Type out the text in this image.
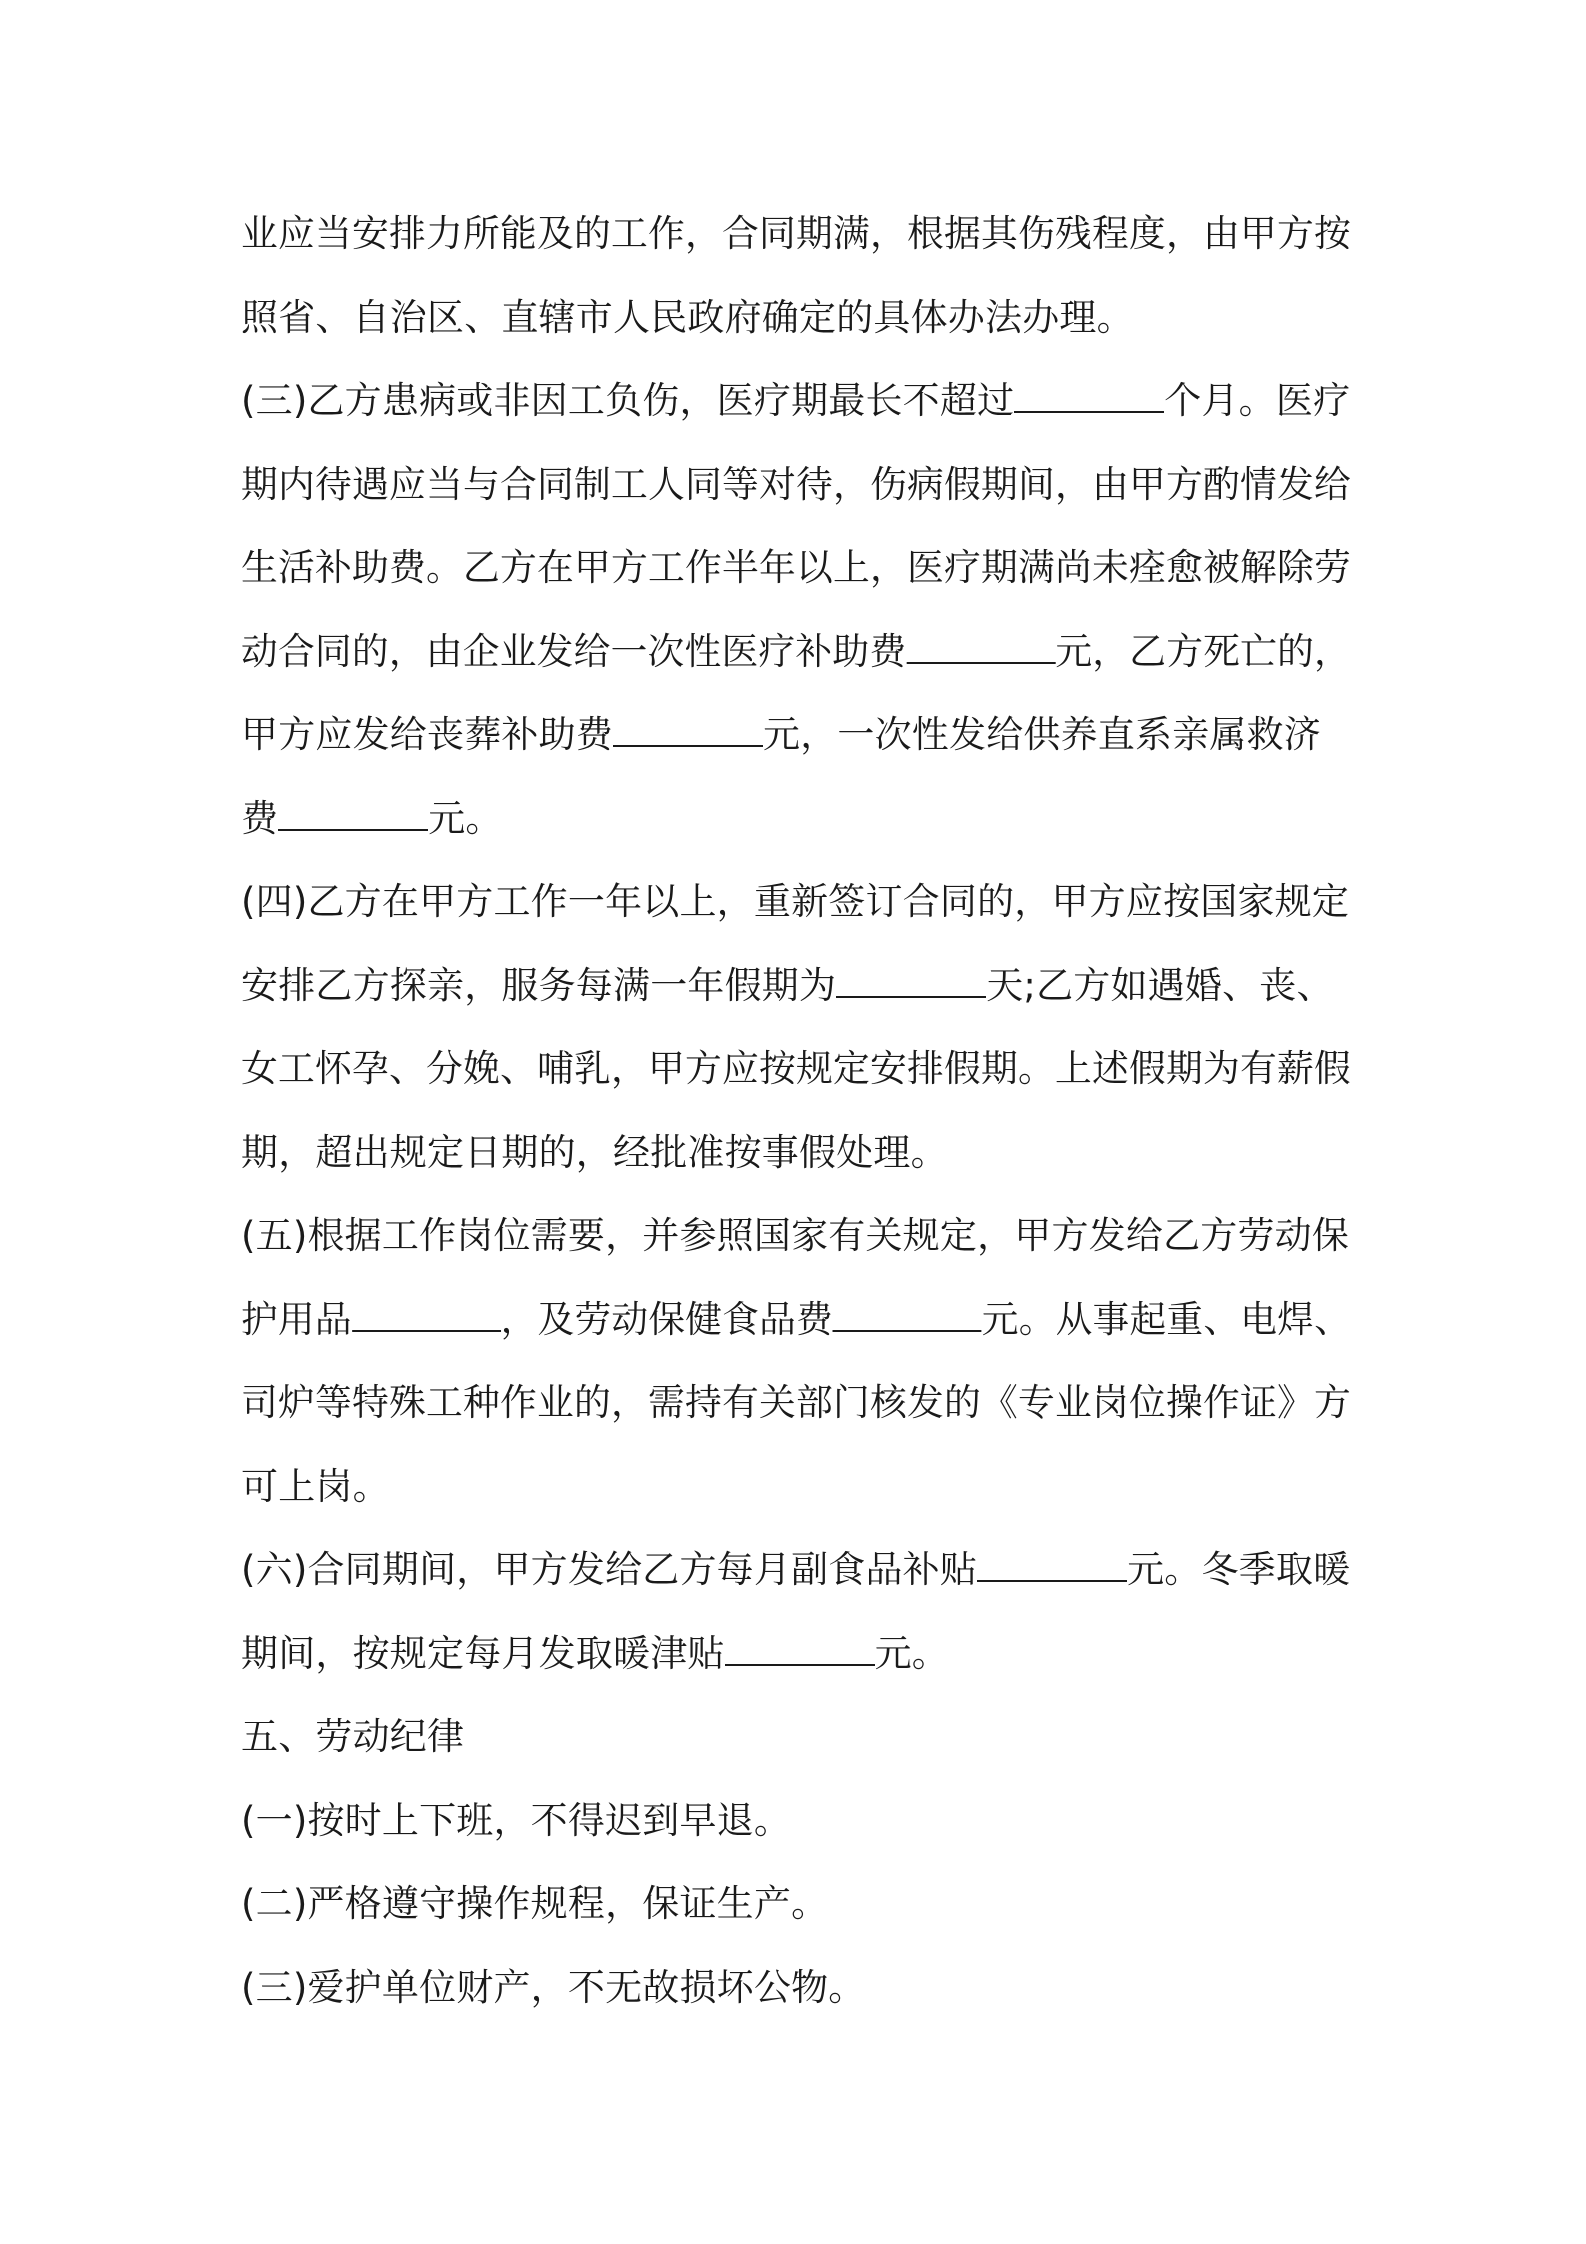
业应当安排力所能及的工作，合同期满，根据其伤残程度，由甲方按
照省、自治区、直辖市人民政府确定的具体办法办理。
(三)乙方患病或非因工负伤，医疗期最长不超过	个月。医疗
期内待遇应当与合同制工人同等对待，伤病假期间，由甲方酌情发给
生活补助费。乙方在甲方工作半年以上，医疗期满尚未痊愈被解除劳
动合同的，由企业发给一次性医疗补助费	元，乙方死亡的，
甲方应发给丧葬补助费	元，一次性发给供养直系亲属救济
费	元。
(四)乙方在甲方工作一年以上，重新签订合同的，甲方应按国家规定
安排乙方探亲，服务每满一年假期为	天;乙方如遇婚、丧、
女工怀孕、分娩、哺乳，甲方应按规定安排假期。上述假期为有薪假
期，超出规定日期的，经批准按事假处理。
(五)根据工作岗位需要，并参照国家有关规定，甲方发给乙方劳动保
护用品	，及劳动保健食品费	元。从事起重、电焊、
司炉等特殊工种作业的，需持有关部门核发的《专业岗位操作证》方
可上岗。
(六)合同期间，甲方发给乙方每月副食品补贴	元。冬季取暖
期间，按规定每月发取暖津贴	元。
五、劳动纪律
(一)按时上下班，不得迟到早退。
(二)严格遵守操作规程，保证生产。
(三)爱护单位财产，不无故损坏公物。
